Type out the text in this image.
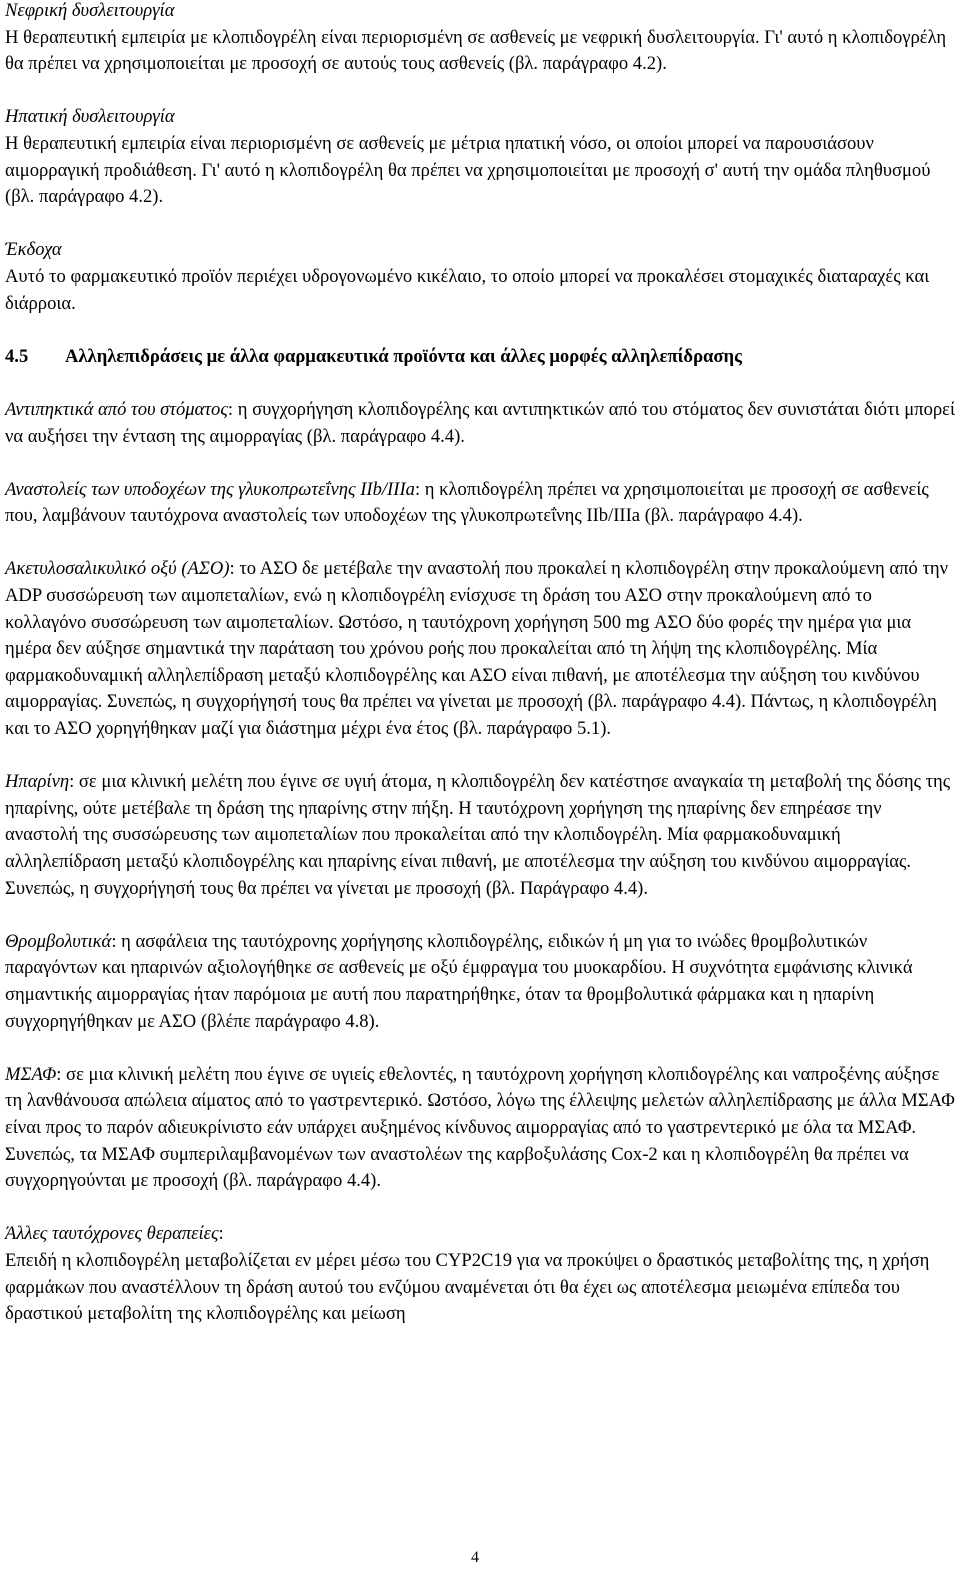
Νεφρική δυσλειτουργία
Η θεραπευτική εμπειρία με κλοπιδογρέλη είναι περιορισμένη σε ασθενείς με νεφρική δυσλειτουργία. Γι' αυτό η κλοπιδογρέλη θα πρέπει να χρησιμοποιείται με προσοχή σε αυτούς τους ασθενείς (βλ. παράγραφο 4.2).
Ηπατική δυσλειτουργία
Η θεραπευτική εμπειρία είναι περιορισμένη σε ασθενείς με μέτρια ηπατική νόσο, οι οποίοι μπορεί να παρουσιάσουν αιμορραγική προδιάθεση. Γι' αυτό η κλοπιδογρέλη θα πρέπει να χρησιμοποιείται με προσοχή σ' αυτή την ομάδα πληθυσμού (βλ. παράγραφο 4.2).
Έκδοχα
Αυτό το φαρμακευτικό προϊόν περιέχει υδρογονωμένο κικέλαιο, το οποίο μπορεί να προκαλέσει στομαχικές διαταραχές και διάρροια.
4.5 Αλληλεπιδράσεις με άλλα φαρμακευτικά προϊόντα και άλλες μορφές αλληλεπίδρασης
Αντιπηκτικά από του στόματος: η συγχορήγηση κλοπιδογρέλης και αντιπηκτικών από του στόματος δεν συνιστάται διότι μπορεί να αυξήσει την ένταση της αιμορραγίας (βλ. παράγραφο 4.4).
Αναστολείς των υποδοχέων της γλυκοπρωτεΐνης IIb/IIIa: η κλοπιδογρέλη πρέπει να χρησιμοποιείται με προσοχή σε ασθενείς που, λαμβάνουν ταυτόχρονα αναστολείς των υποδοχέων της γλυκοπρωτεΐνης IIb/IIIa (βλ. παράγραφο 4.4).
Ακετυλοσαλικυλικό οξύ (ΑΣΟ): το ΑΣΟ δε μετέβαλε την αναστολή που προκαλεί η κλοπιδογρέλη στην προκαλούμενη από την ADP συσσώρευση των αιμοπεταλίων, ενώ η κλοπιδογρέλη ενίσχυσε τη δράση του ΑΣΟ στην προκαλούμενη από το κολλαγόνο συσσώρευση των αιμοπεταλίων. Ωστόσο, η ταυτόχρονη χορήγηση 500 mg ΑΣΟ δύο φορές την ημέρα για μια ημέρα δεν αύξησε σημαντικά την παράταση του χρόνου ροής που προκαλείται από τη λήψη της κλοπιδογρέλης. Μία φαρμακοδυναμική αλληλεπίδραση μεταξύ κλοπιδογρέλης και ΑΣΟ είναι πιθανή, με αποτέλεσμα την αύξηση του κινδύνου αιμορραγίας. Συνεπώς, η συγχορήγησή τους θα πρέπει να γίνεται με προσοχή (βλ. παράγραφο 4.4). Πάντως, η κλοπιδογρέλη και το ΑΣΟ χορηγήθηκαν μαζί για διάστημα μέχρι ένα έτος (βλ. παράγραφο 5.1).
Ηπαρίνη: σε μια κλινική μελέτη που έγινε σε υγιή άτομα, η κλοπιδογρέλη δεν κατέστησε αναγκαία τη μεταβολή της δόσης της ηπαρίνης, ούτε μετέβαλε τη δράση της ηπαρίνης στην πήξη. Η ταυτόχρονη χορήγηση της ηπαρίνης δεν επηρέασε την αναστολή της συσσώρευσης των αιμοπεταλίων που προκαλείται από την κλοπιδογρέλη. Μία φαρμακοδυναμική αλληλεπίδραση μεταξύ κλοπιδογρέλης και ηπαρίνης είναι πιθανή, με αποτέλεσμα την αύξηση του κινδύνου αιμορραγίας. Συνεπώς, η συγχορήγησή τους θα πρέπει να γίνεται με προσοχή (βλ. Παράγραφο 4.4).
Θρομβολυτικά: η ασφάλεια της ταυτόχρονης χορήγησης κλοπιδογρέλης, ειδικών ή μη για το ινώδες θρομβολυτικών παραγόντων και ηπαρινών αξιολογήθηκε σε ασθενείς με οξύ έμφραγμα του μυοκαρδίου. Η συχνότητα εμφάνισης κλινικά σημαντικής αιμορραγίας ήταν παρόμοια με αυτή που παρατηρήθηκε, όταν τα θρομβολυτικά φάρμακα και η ηπαρίνη συγχορηγήθηκαν με ΑΣΟ (βλέπε παράγραφο 4.8).
ΜΣΑΦ: σε μια κλινική μελέτη που έγινε σε υγιείς εθελοντές, η ταυτόχρονη χορήγηση κλοπιδογρέλης και ναπροξένης αύξησε τη λανθάνουσα απώλεια αίματος από το γαστρεντερικό. Ωστόσο, λόγω της έλλειψης μελετών αλληλεπίδρασης με άλλα ΜΣΑΦ είναι προς το παρόν αδιευκρίνιστο εάν υπάρχει αυξημένος κίνδυνος αιμορραγίας από το γαστρεντερικό με όλα τα ΜΣΑΦ. Συνεπώς, τα ΜΣΑΦ συμπεριλαμβανομένων των αναστολέων της καρβοξυλάσης Cox-2 και η κλοπιδογρέλη θα πρέπει να συγχορηγούνται με προσοχή (βλ. παράγραφο 4.4).
Άλλες ταυτόχρονες θεραπείες:
Επειδή η κλοπιδογρέλη μεταβολίζεται εν μέρει μέσω του CYP2C19 για να προκύψει ο δραστικός μεταβολίτης της, η χρήση φαρμάκων που αναστέλλουν τη δράση αυτού του ενζύμου αναμένεται ότι θα έχει ως αποτέλεσμα μειωμένα επίπεδα του δραστικού μεταβολίτη της κλοπιδογρέλης και μείωση
4
